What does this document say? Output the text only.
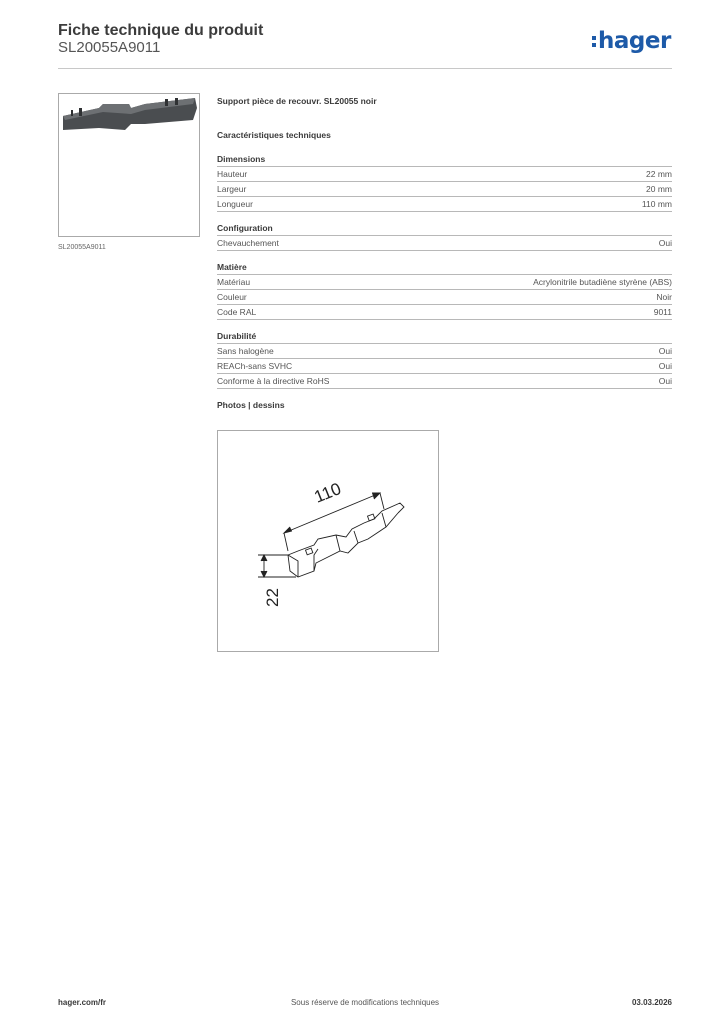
Fiche technique du produit
SL20055A9011	hager
SL20055A9011
Support pièce de recouvr. SL20055 noir
Caractéristiques techniques
Dimensions
Hauteur	22 mm
Largeur	20 mm
Longueur	110 mm
Configuration
Chevauchement	Oui
Matière
Matériau	Acrylonitrile butadiène styrène (ABS)
Couleur	Noir
Code RAL	9011
Durabilité
Sans halogène	Oui
REACh-sans SVHC	Oui
Conforme à la directive RoHS	Oui
Photos | dessins
110
22
hager.com/fr	Sous réserve de modifications techniques	03.03.2026
